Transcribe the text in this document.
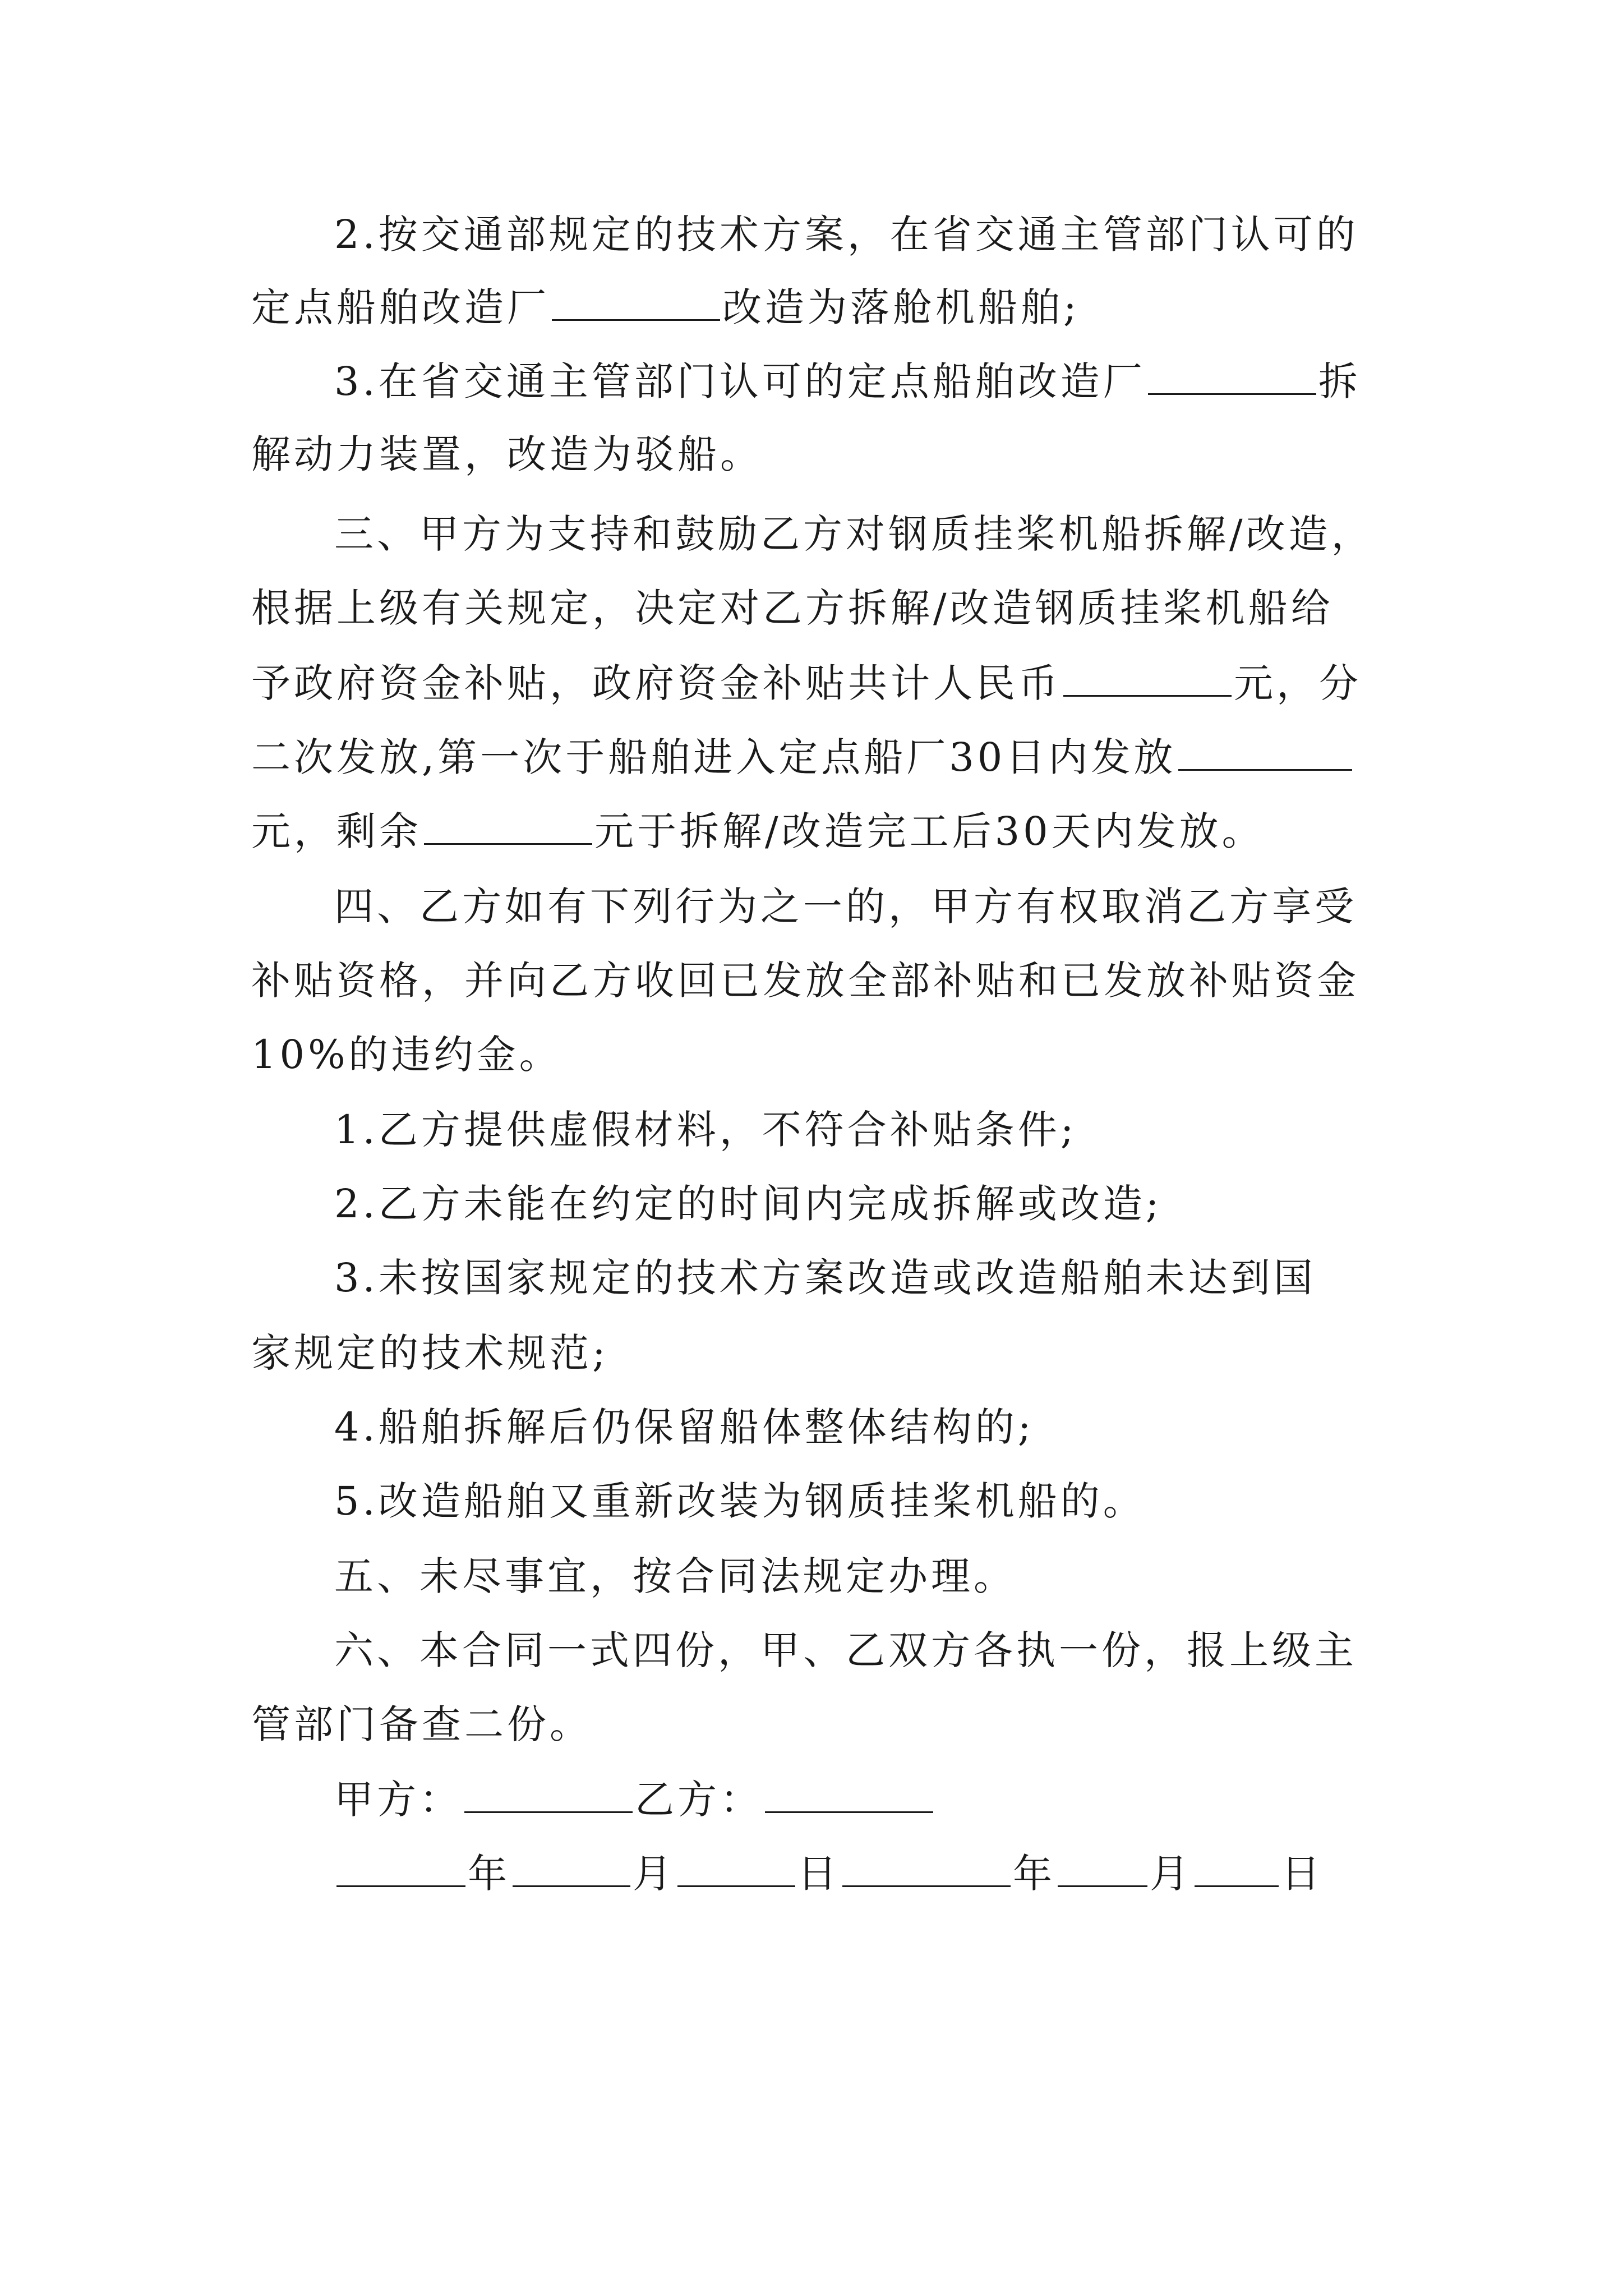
2.按交通部规定的技术方案，在省交通主管部门认可的
定点船舶改造厂	改造为落舱机船舶;
3.在省交通主管部门认可的定点船舶改造厂	拆
解动力装置，改造为驳船。
三、甲方为支持和鼓励乙方对钢质挂桨机船拆解/改造，
根据上级有关规定，决定对乙方拆解/改造钢质挂桨机船给
予政府资金补贴，政府资金补贴共计人民币	元，分
二次发放,第一次于船舶进入定点船厂30日内发放
元，剩余	元于拆解/改造完工后30天内发放。
四、乙方如有下列行为之一的，甲方有权取消乙方享受
补贴资格，并向乙方收回已发放全部补贴和已发放补贴资金
10%的违约金。
1.乙方提供虚假材料，不符合补贴条件;
2.乙方未能在约定的时间内完成拆解或改造;
3.未按国家规定的技术方案改造或改造船舶未达到国
家规定的技术规范;
4.船舶拆解后仍保留船体整体结构的;
5.改造船舶又重新改装为钢质挂桨机船的。
五、未尽事宜，按合同法规定办理。
六、本合同一式四份，甲、乙双方各执一份，报上级主
管部门备查二份。
甲方：	乙方：
年	月	日	年 月 日
